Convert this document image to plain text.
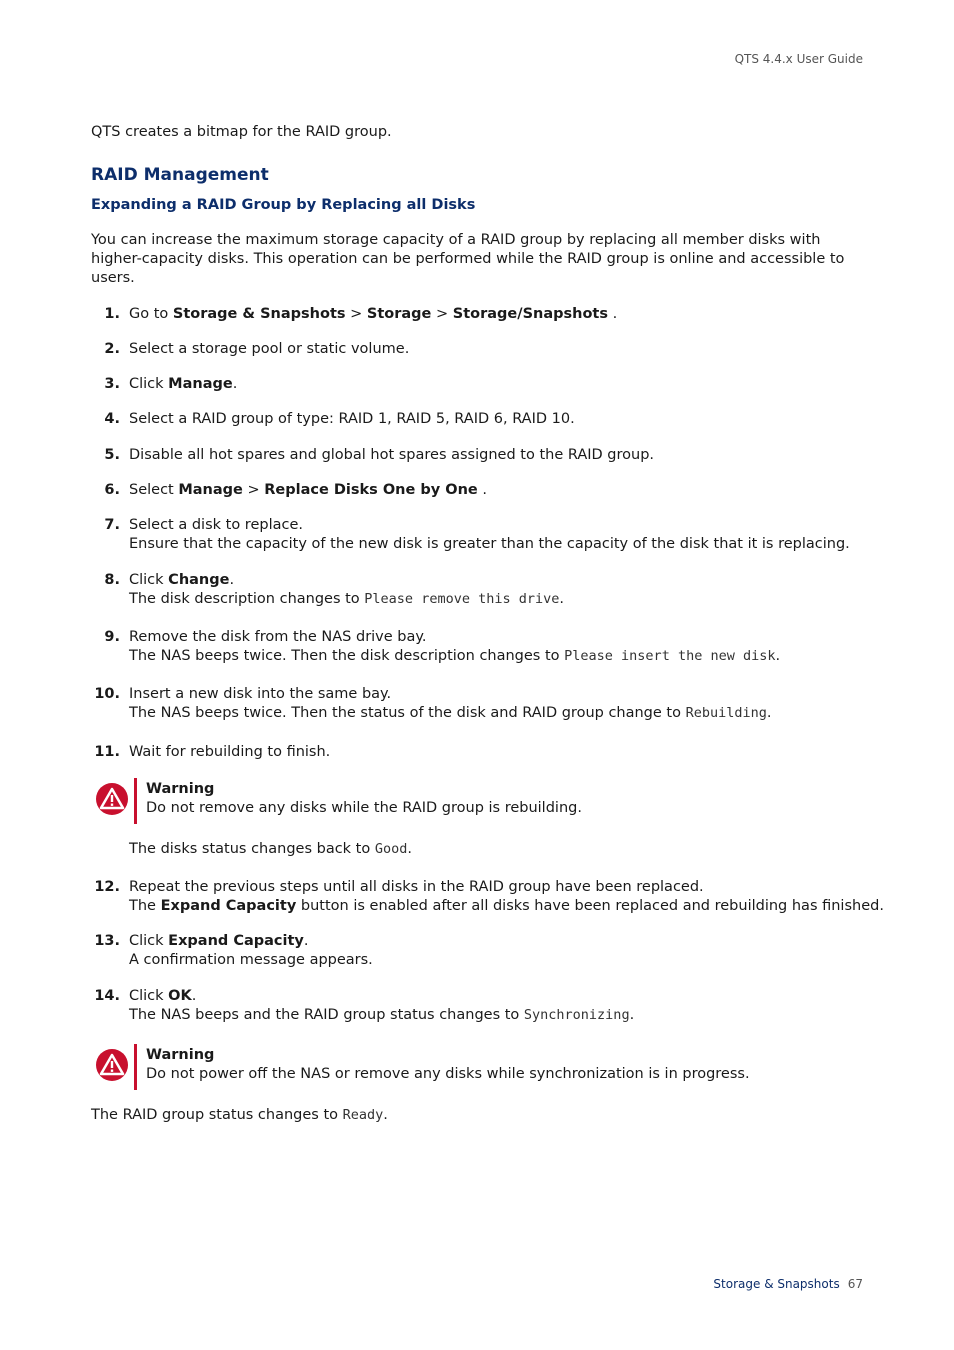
QTS 4.4.x User Guide
QTS creates a bitmap for the RAID group.
RAID Management
Expanding a RAID Group by Replacing all Disks
You can increase the maximum storage capacity of a RAID group by replacing all member disks with
higher-capacity disks. This operation can be performed while the RAID group is online and accessible to
users.
1. Go to Storage & Snapshots > Storage > Storage/Snapshots .
2. Select a storage pool or static volume.
3. Click Manage.
4. Select a RAID group of type: RAID 1, RAID 5, RAID 6, RAID 10.
5. Disable all hot spares and global hot spares assigned to the RAID group.
6. Select Manage > Replace Disks One by One .
7. Select a disk to replace.
Ensure that the capacity of the new disk is greater than the capacity of the disk that it is replacing.
8. Click Change.
The disk description changes to Please remove this drive.
9. Remove the disk from the NAS drive bay.
The NAS beeps twice. Then the disk description changes to Please insert the new disk.
10. Insert a new disk into the same bay.
The NAS beeps twice. Then the status of the disk and RAID group change to Rebuilding.
11. Wait for rebuilding to finish.
Warning
Do not remove any disks while the RAID group is rebuilding.
The disks status changes back to Good.
12. Repeat the previous steps until all disks in the RAID group have been replaced.
The Expand Capacity button is enabled after all disks have been replaced and rebuilding has finished.
13. Click Expand Capacity.
A confirmation message appears.
14. Click OK.
The NAS beeps and the RAID group status changes to Synchronizing.
Warning
Do not power off the NAS or remove any disks while synchronization is in progress.
The RAID group status changes to Ready.
Storage & Snapshots 67
